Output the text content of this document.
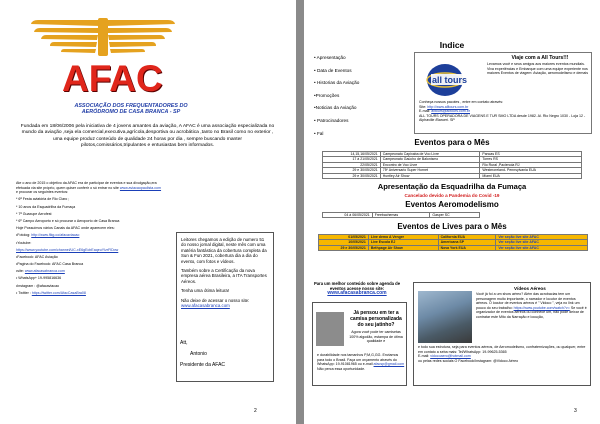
AFAC
ASSOCIAÇÃO DOS FREQUENTADORES DO AERÓDROMO DE CASA BRANCA - SP
Fundada em 18/06/2006 pela iniciativa de 4 jovens amantes da aviação, A AFAC é uma associação especializada no mundo da aviação ,seja ela comercial,executiva,agrícola,desportiva ou acrobática ,tanto no Brasil como no exterior , uma equipe produz conteúdo de qualidade 24 horas por dia , sempre buscando manter pilotos,comissários,tripulantes e entusiastas bem informados.

Ate o ano de 2015 o objetivo da AFAC era de participar de eventos e sua divulgação,era efetuada via site próprio, quem quiser conferir o só entrar no site www.aviacaopaulista.com e procurar os seguintes eventos:

* 6ª Festa aviatória de Rio Claro ;

* 10 anos da Esquadrilha da Fumaça

* 7ª Guaxupe Aerofest

* 6º Campo Aeroporto e só procurar o Aeroporto de Casa Branca

Hoje Possuímos vários Canais da AFAC onde aparecem eles:

•Fotolog: http://www.flkg.co/afacaviacao

•Youtube:

https://www.youtube.com/channel/UC-xE6gEcbEaqeuYIzrFlDow

•Facebook: AFAC Aviação

•Pagina do Facebook: AFAC Casa Branca

•site: www.afacasabranca.com

• WhatsApp+ 19-995816636

•Instagram : @afacaviacao

• Twitter : https://twitter.com/AfacCasaBra08

Leitores chegamos a edição de numero 51 do nosso jornal digital, neste mês com uma matéria fantástica da cobertura completa da Sun & Fun 2021, cobertura dia a dia do evento, com fotos e vídeos.

Também sobre a Certificação da nova empresa aérea Brasileira, a ITA Transportes Aéreos.

Tenha uma ótima leitura!

Não deixe de acessar o nosso site: www.afacasabranca.com

Att,
Antonio
Presidente da AFAC
2
Indice
• Apresentação
• Data de Eventos
• Historias da Aviação
•Promoções
•Noticias da Aviação
• Patrocinadores
• Fal
all tours
Viaje com a All Tours!!!
Levamos você e seus amigos aos maiores eventos mundiais. Viva experiências e Embarque com uma equipe experiente nos maiores Eventos de viagem: Aviação, aeromodelismo e demais
Conheça nossos pacotes , entre em contato através:
Site: http://www.alltours.com.br
E-mail: alltours@alltours.com.br
ALL TOURS OPERADORA DE VIAGENS E TUR SMO LTDA desde 1982. Al. Rio Negro 1030 - Loja 12 - Alphaville /Barueri. SP
Eventos para o Mês
14,15,16/05/2021	Campeonato Capixaba de Voo Livre	Pancas ES
17 à 21/05/2021	Campeonato Gaúcho de Balonismo	Torres RS
22/05/2021	Encontro de Voo Livre	Rio Rural ,Pacienoia RJ
29 e 30/05/2021	75º Aniversario Super Hornet	Westmoreland- Pennsylvania EUA
29 e 30/05/2021	Huntley Air Show	Miami EUA
Apresentação da Esquadrilha da Fumaça
Cancelado devido a Pandemia do Covid -19
Eventos Aeromodelismo
04 à 06/05/2021	Freebachemas	Gasper SC
Eventos de Lives para o Mês
01/05/2021	Live demo A Venger	California EUA	Ver seção live site AFAC
10/05/2021	Live Escola EJ	Americana SP	Ver seção live site AFAC
29 e 30/05/2021	Bethpage Air Show	Nova York EUA	Ver seção live site AFAC
Para um melhor conteúdo sobre agenda de eventos acesse nosso site:
www.afacasabranca.com
Já pensou em ter a camisa personalizada do seu jatinho?
Agora você pode ter camisetas 100% algodão, estampa de ótima qualidade e
e durabilidade nos tamanhos P,M,G,GG. Enviamos para todo o Brasil. Faça um orçamento através do WhatsApp: 19-91081965 ou e-mail afacsp@gmail.com Não perca essa oportunidade.
Vídeos Aéreos
Você já foi a um show aéreo? Além das acrobacias tem um personagem muito importante, o narrador e locutor de eventos aéreos. O locutor de eventos aéreos é " Vidoco ", veja no link um pouco do seu trabalho: https://www.youtube.com/watch?v= Se você é organizador de eventos aéreos ou conhece um, não pode deixar de contratar este Mito da Narração e locução,
e todo sua estrutura, seja para eventos aéreos, de Aeromodelismo, confraternizações, ou qualquer, entre em contato a seba mais: Tel/WhatsApp: 19-99625-5365
E-mail: vidocoaero@hotmail.com
ou pelas redes sociais O Facebook/Instagram: @Vidoco Aéreo
3
